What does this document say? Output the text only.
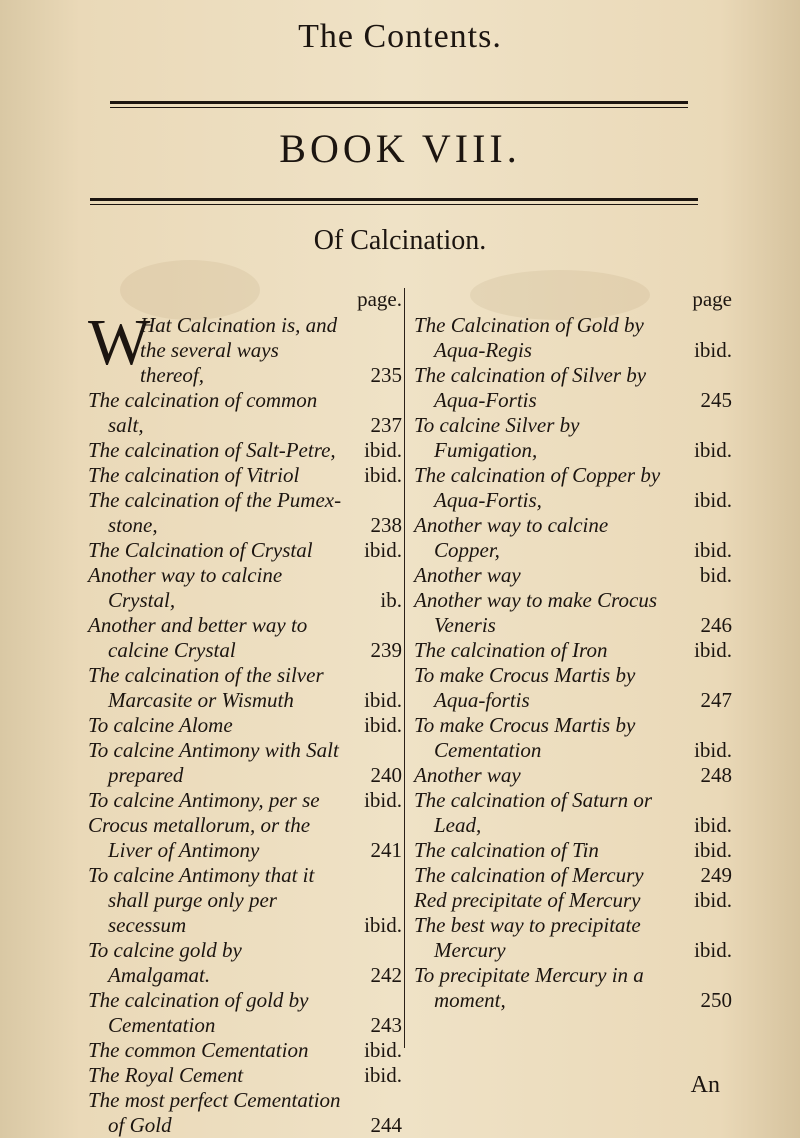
The Contents.
BOOK VIII.
Of Calcination.
page.
W
Hat Calcination is, and the several ways thereof,	235
The calcination of common salt,	237
The calcination of Salt-Petre,	ibid.
The calcination of Vitriol	ibid.
The calcination of the Pumex-stone,	238
The Calcination of Crystal	ibid.
Another way to calcine Crystal,	ib.
Another and better way to calcine Crystal	239
The calcination of the silver Marcasite or Wismuth	ibid.
To calcine Alome	ibid.
To calcine Antimony with Salt prepared	240
To calcine Antimony, per se	ibid.
Crocus metallorum, or the Liver of Antimony	241
To calcine Antimony that it shall purge only per secessum	ibid.
To calcine gold by Amalgamat.	242
The calcination of gold by Cementation	243
The common Cementation	ibid.
The Royal Cement	ibid.
The most perfect Cementation of Gold	244
page
The Calcination of Gold by Aqua-Regis	ibid.
The calcination of Silver by Aqua-Fortis	245
To calcine Silver by Fumigation,	ibid.
The calcination of Copper by Aqua-Fortis,	ibid.
Another way to calcine Copper,	ibid.
Another way	bid.
Another way to make Crocus Veneris	246
The calcination of Iron	ibid.
To make Crocus Martis by Aqua-fortis	247
To make Crocus Martis by Cementation	ibid.
Another way	248
The calcination of Saturn or Lead,	ibid.
The calcination of Tin	ibid.
The calcination of Mercury	249
Red precipitate of Mercury	ibid.
The best way to precipitate Mercury	ibid.
To precipitate Mercury in a moment,	250
An
